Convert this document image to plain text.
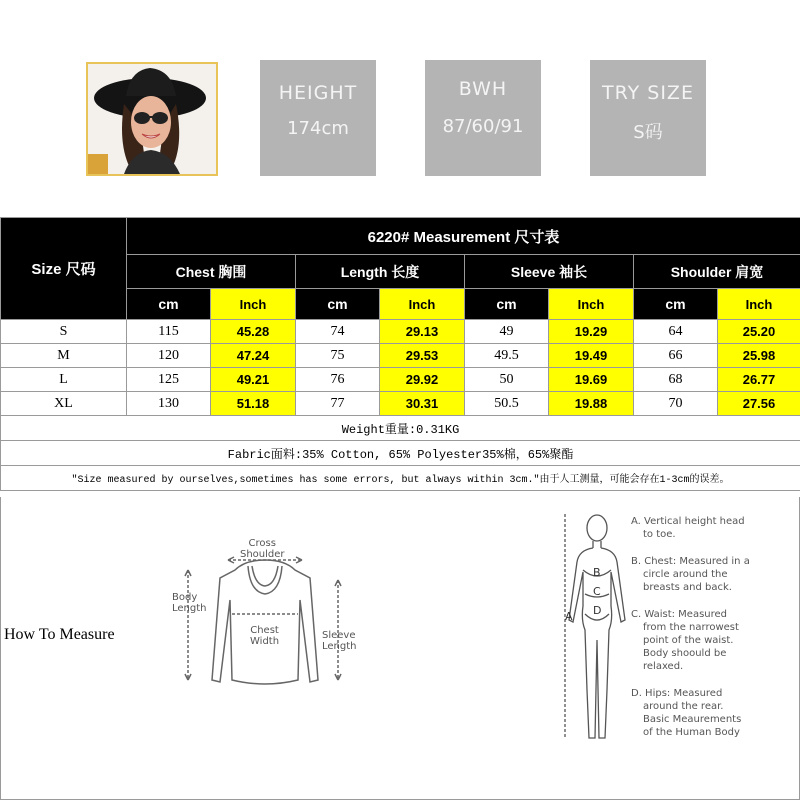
HEIGHT
174cm
BWH
87/60/91
TRY SIZE
S码
Size 尺码	6220# Measurement 尺寸表							
	Chest 胸围		Length 长度		Sleeve 袖长		Shoulder 肩宽	
	cm	Inch	cm	Inch	cm	Inch	cm	Inch
S	115	45.28	74	29.13	49	19.29	64	25.20
M	120	47.24	75	29.53	49.5	19.49	66	25.98
L	125	49.21	76	29.92	50	19.69	68	26.77
XL	130	51.18	77	30.31	50.5	19.88	70	27.56
Weight重量:0.31KG								
Fabric面料:35% Cotton, 65% Polyester35%棉，65%聚酯								
"Size measured by ourselves,sometimes has some errors, but always within 3cm."由于人工测量，可能会存在1-3cm的误差。								
How To Measure
Cross
Shoulder
Body
Length
Chest
Width
Sleeve
Length
A
B
C
D
A. Vertical height head
to toe.
B. Chest: Measured in a
circle around the
breasts and back.
C. Waist: Measured
from the narrowest
point of the waist.
Body shoould be
relaxed.
D. Hips: Measured
around the rear.
Basic Meaurements
of the Human Body
